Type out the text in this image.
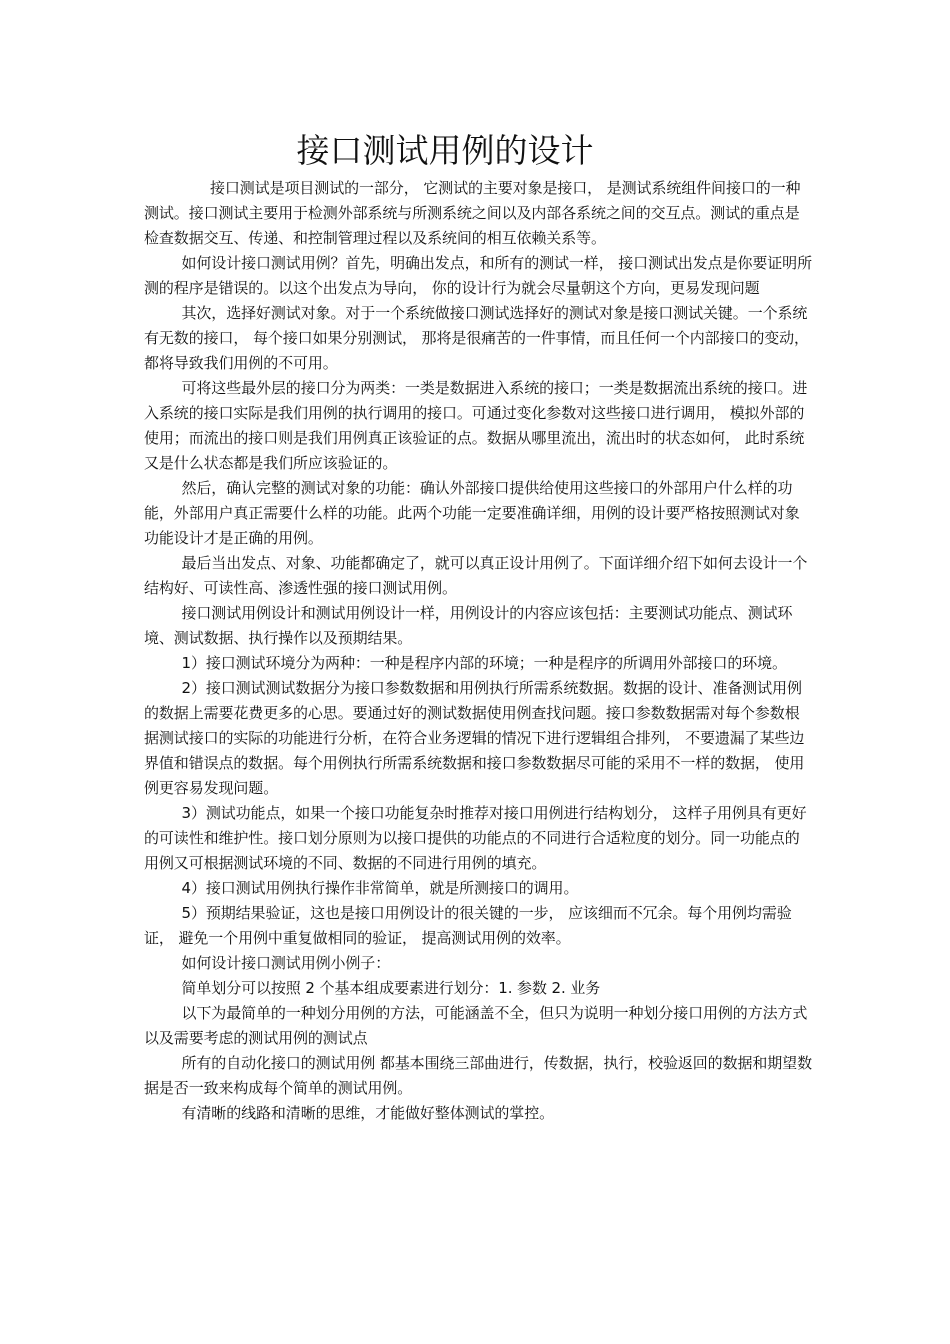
接口测试用例的设计

接口测试是项目测试的一部分， 它测试的主要对象是接口， 是测试系统组件间接口的一种测试。接口测试主要用于检测外部系统与所测系统之间以及内部各系统之间的交互点。测试的重点是检查数据交互、传递、和控制管理过程以及系统间的相互依赖关系等。

如何设计接口测试用例？首先，明确出发点，和所有的测试一样， 接口测试出发点是你要证明所测的程序是错误的。以这个出发点为导向， 你的设计行为就会尽量朝这个方向，更易发现问题

其次，选择好测试对象。对于一个系统做接口测试选择好的测试对象是接口测试关键。一个系统有无数的接口， 每个接口如果分别测试， 那将是很痛苦的一件事情，而且任何一个内部接口的变动， 都将导致我们用例的不可用。

可将这些最外层的接口分为两类：一类是数据进入系统的接口；一类是数据流出系统的接口。进入系统的接口实际是我们用例的执行调用的接口。可通过变化参数对这些接口进行调用， 模拟外部的使用；而流出的接口则是我们用例真正该验证的点。数据从哪里流出，流出时的状态如何， 此时系统又是什么状态都是我们所应该验证的。

然后，确认完整的测试对象的功能：确认外部接口提供给使用这些接口的外部用户什么样的功能，外部用户真正需要什么样的功能。此两个功能一定要准确详细，用例的设计要严格按照测试对象功能设计才是正确的用例。

最后当出发点、对象、功能都确定了，就可以真正设计用例了。下面详细介绍下如何去设计一个结构好、可读性高、渗透性强的接口测试用例。

接口测试用例设计和测试用例设计一样，用例设计的内容应该包括：主要测试功能点、测试环境、测试数据、执行操作以及预期结果。

1）接口测试环境分为两种：一种是程序内部的环境；一种是程序的所调用外部接口的环境。

2）接口测试测试数据分为接口参数数据和用例执行所需系统数据。数据的设计、准备测试用例的数据上需要花费更多的心思。要通过好的测试数据使用例查找问题。接口参数数据需对每个参数根据测试接口的实际的功能进行分析，在符合业务逻辑的情况下进行逻辑组合排列， 不要遗漏了某些边界值和错误点的数据。每个用例执行所需系统数据和接口参数数据尽可能的采用不一样的数据， 使用例更容易发现问题。

3）测试功能点，如果一个接口功能复杂时推荐对接口用例进行结构划分， 这样子用例具有更好的可读性和维护性。接口划分原则为以接口提供的功能点的不同进行合适粒度的划分。同一功能点的用例又可根据测试环境的不同、数据的不同进行用例的填充。

4）接口测试用例执行操作非常简单，就是所测接口的调用。

5）预期结果验证，这也是接口用例设计的很关键的一步， 应该细而不冗余。每个用例均需验证， 避免一个用例中重复做相同的验证， 提高测试用例的效率。

如何设计接口测试用例小例子：

简单划分可以按照 2 个基本组成要素进行划分：1. 参数 2. 业务

以下为最简单的一种划分用例的方法，可能涵盖不全，但只为说明一种划分接口用例的方法方式以及需要考虑的测试用例的测试点

所有的自动化接口的测试用例 都基本围绕三部曲进行，传数据，执行，校验返回的数据和期望数据是否一致来构成每个简单的测试用例。

有清晰的线路和清晰的思维，才能做好整体测试的掌控。
